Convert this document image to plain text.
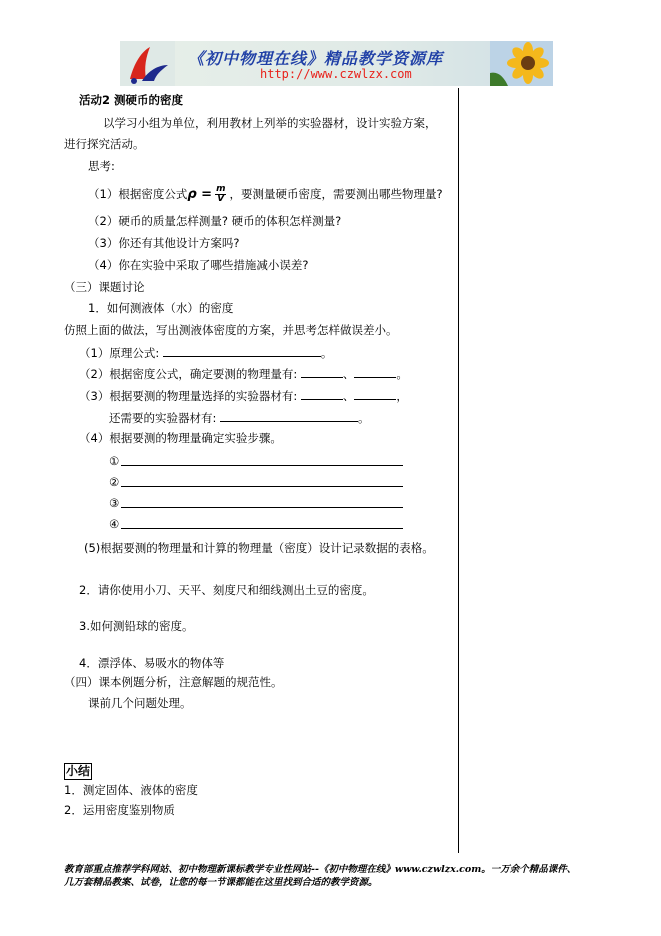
《初中物理在线》精品教学资源库
http://www.czwlzx.com
活动2 测硬币的密度
以学习小组为单位，利用教材上列举的实验器材，设计实验方案，
进行探究活动。
思考:
（1）根据密度公式$\rho = \frac{m}{V}$ ，要测量硬币密度，需要测出哪些物理量?
（2）硬币的质量怎样测量? 硬币的体积怎样测量?
（3）你还有其他设计方案吗?
（4）你在实验中采取了哪些措施减小误差?
（三）课题讨论
1．如何测液体（水）的密度
仿照上面的做法，写出测液体密度的方案，并思考怎样做误差小。
（1）原理公式:	。
（2）根据密度公式，确定要测的物理量有:	、	。
（3）根据要测的物理量选择的实验器材有:	、	，
还需要的实验器材有:	。
（4）根据要测的物理量确定实验步骤。
①
②
③
④
(5)根据要测的物理量和计算的物理量（密度）设计记录数据的表格。
2．请你使用小刀、天平、刻度尺和细线测出土豆的密度。
3.如何测铅球的密度。
4．漂浮体、易吸水的物体等
（四）课本例题分析，注意解题的规范性。
课前几个问题处理。
小结
1．测定固体、液体的密度
2．运用密度鉴别物质
教育部重点推荐学科网站、初中物理新课标教学专业性网站--《初中物理在线》www.czwlzx.com。一万余个精品课件、
几万套精品教案、试卷，让您的每一节课都能在这里找到合适的教学资源。
